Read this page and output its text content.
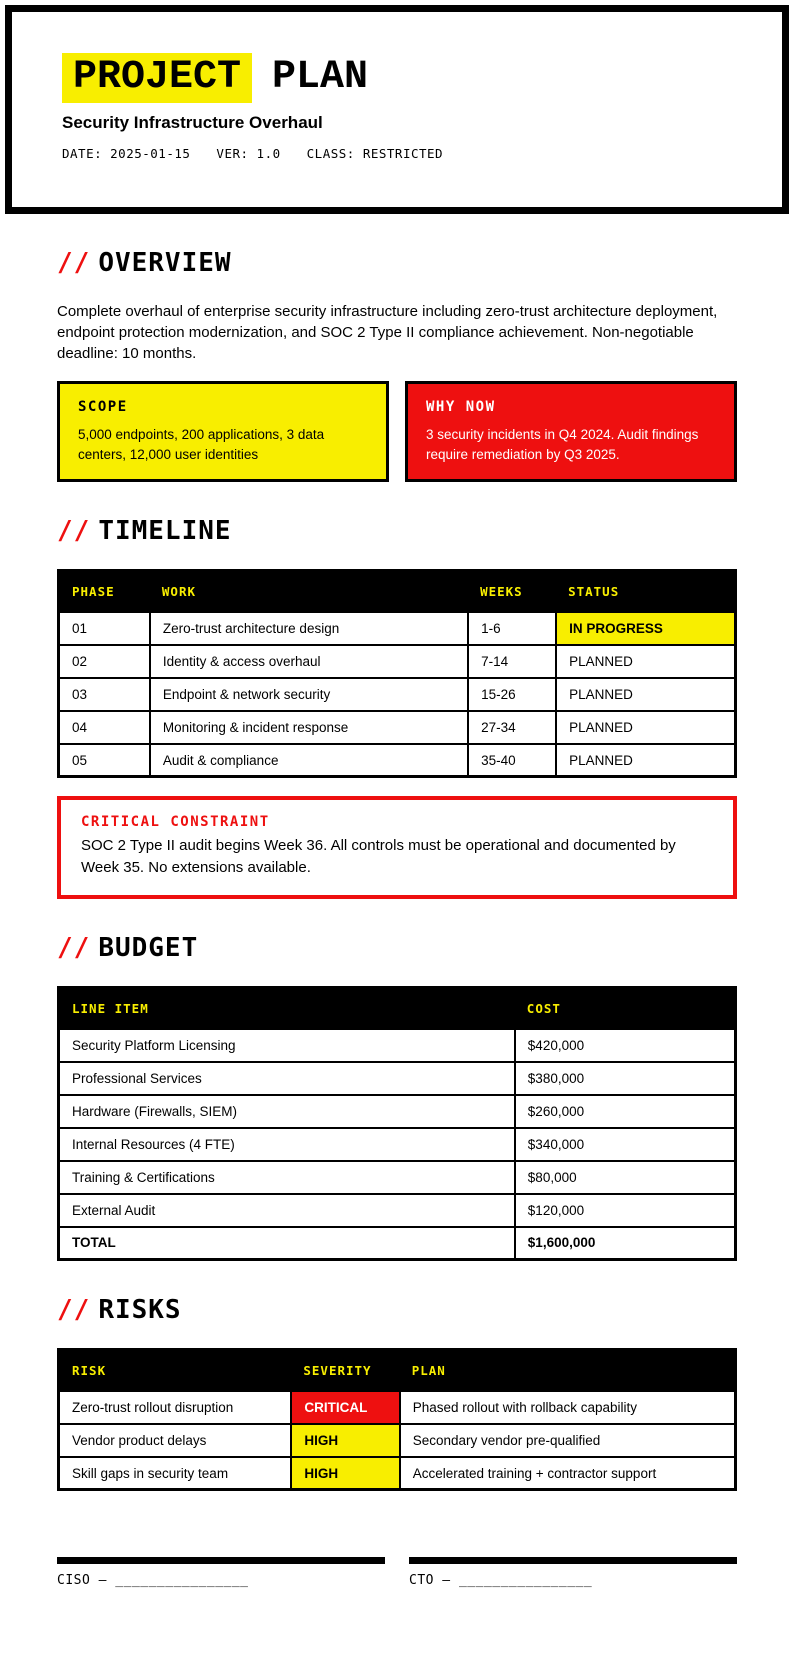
PROJECT PLAN
Security Infrastructure Overhaul
DATE: 2025-01-15 VER: 1.0 CLASS: RESTRICTED
// OVERVIEW

Complete overhaul of enterprise security infrastructure including zero-trust architecture deployment, endpoint protection modernization, and SOC 2 Type II compliance achievement. Non-negotiable deadline: 10 months.

SCOPE
5,000 endpoints, 200 applications, 3 data centers, 12,000 user identities
WHY NOW
3 security incidents in Q4 2024. Audit findings require remediation by Q3 2025.
// TIMELINE
PHASE	WORK	WEEKS	STATUS
01	Zero-trust architecture design	1-6	IN PROGRESS
02	Identity & access overhaul	7-14	PLANNED
03	Endpoint & network security	15-26	PLANNED
04	Monitoring & incident response	27-34	PLANNED
05	Audit & compliance	35-40	PLANNED
CRITICAL CONSTRAINT
SOC 2 Type II audit begins Week 36. All controls must be operational and documented by Week 35. No extensions available.
// BUDGET
LINE ITEM	COST
Security Platform Licensing	$420,000
Professional Services	$380,000
Hardware (Firewalls, SIEM)	$260,000
Internal Resources (4 FTE)	$340,000
Training & Certifications	$80,000
External Audit	$120,000
TOTAL	$1,600,000
// RISKS
RISK	SEVERITY	PLAN
Zero-trust rollout disruption	CRITICAL	Phased rollout with rollback capability
Vendor product delays	HIGH	Secondary vendor pre-qualified
Skill gaps in security team	HIGH	Accelerated training + contractor support
CISO — ________________	CTO — ________________
